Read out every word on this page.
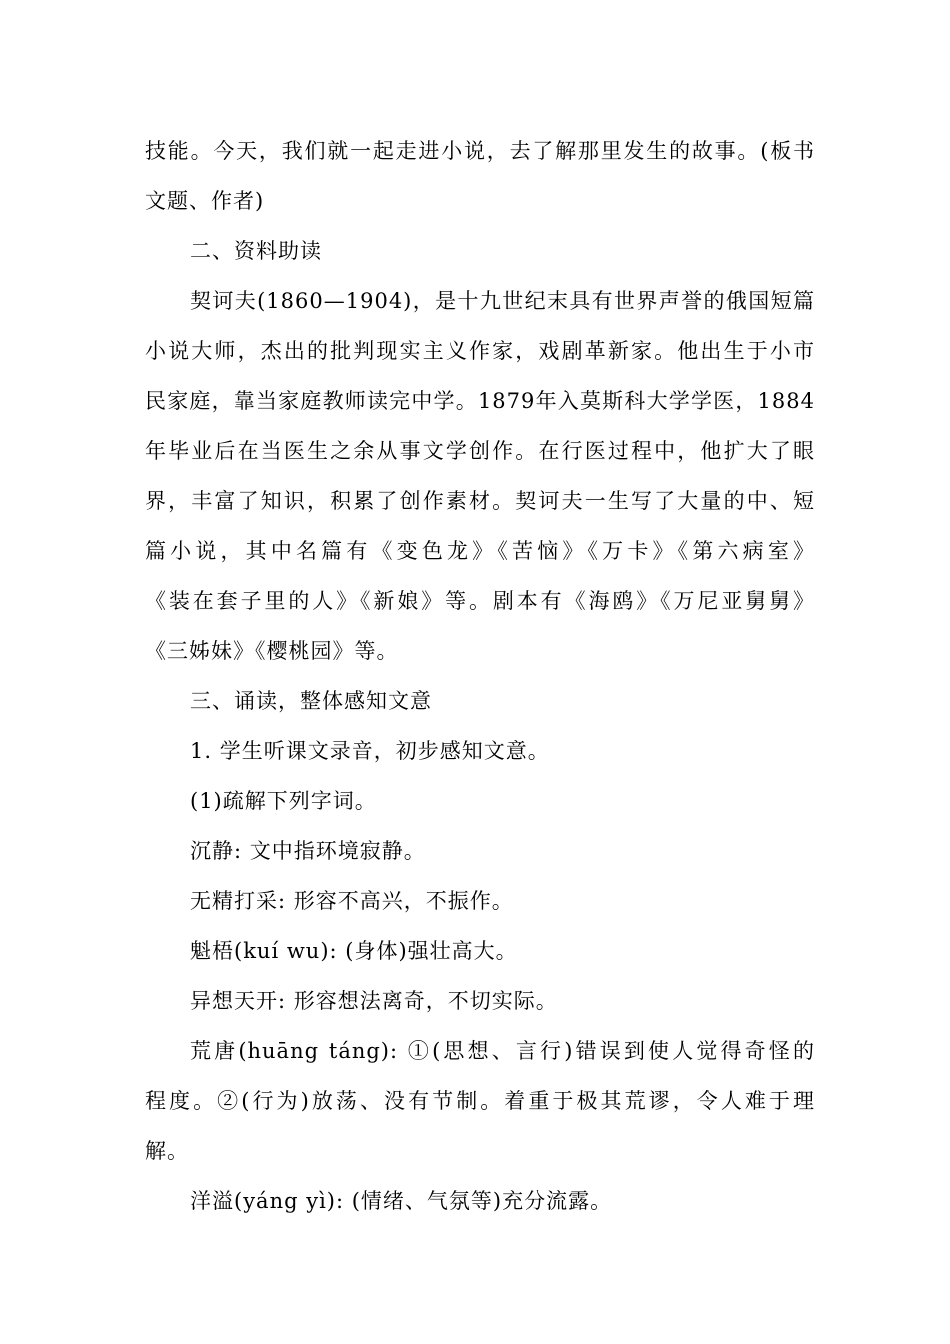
技能。今天，我们就一起走进小说，去了解那里发生的故事。(板书
文题、作者)
二、资料助读
契诃夫(1860—1904)，是十九世纪末具有世界声誉的俄国短篇
小说大师，杰出的批判现实主义作家，戏剧革新家。他出生于小市
民家庭，靠当家庭教师读完中学。1879年入莫斯科大学学医，1884
年毕业后在当医生之余从事文学创作。在行医过程中，他扩大了眼
界，丰富了知识，积累了创作素材。契诃夫一生写了大量的中、短
篇小说，其中名篇有《变色龙》《苦恼》《万卡》《第六病室》
《装在套子里的人》《新娘》等。剧本有《海鸥》《万尼亚舅舅》
《三姊妹》《樱桃园》等。
三、诵读，整体感知文意
1. 学生听课文录音，初步感知文意。
(1)疏解下列字词。
沉静: 文中指环境寂静。
无精打采: 形容不高兴，不振作。
魁梧(kuí wu): (身体)强壮高大。
异想天开: 形容想法离奇，不切实际。
荒唐(huāng táng): ①(思想、言行)错误到使人觉得奇怪的
程度。②(行为)放荡、没有节制。着重于极其荒谬，令人难于理
解。
洋溢(yáng yì): (情绪、气氛等)充分流露。
